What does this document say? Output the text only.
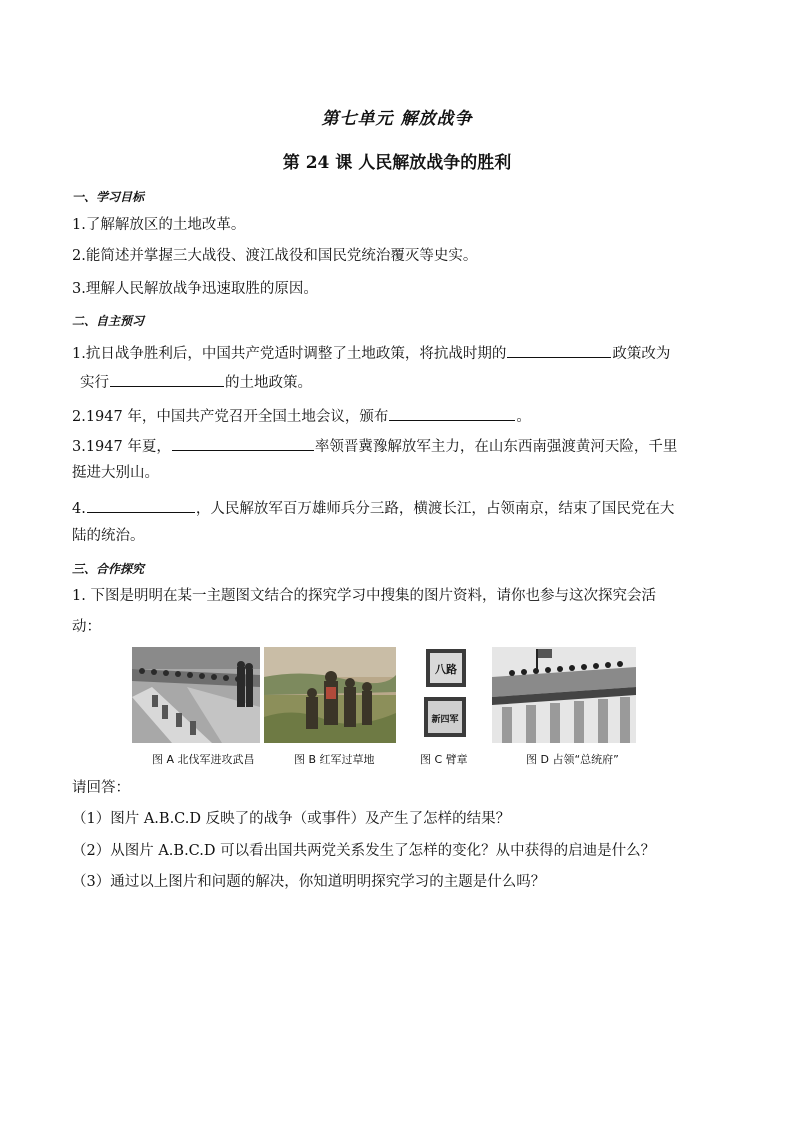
第七单元 解放战争
第 24 课 人民解放战争的胜利
一、学习目标
1.了解解放区的土地改革。
2.能简述并掌握三大战役、渡江战役和国民党统治覆灭等史实。
3.理解人民解放战争迅速取胜的原因。
二、自主预习
1.抗日战争胜利后，中国共产党适时调整了土地政策，将抗战时期的	政策改为
实行	的土地政策。
2.1947 年，中国共产党召开全国土地会议，颁布	。
3.1947 年夏，	率领晋冀豫解放军主力，在山东西南强渡黄河天险，千里
挺进大别山。
4.	，人民解放军百万雄师兵分三路，横渡长江，占领南京，结束了国民党在大
陆的统治。
三、合作探究
1. 下图是明明在某一主题图文结合的探究学习中搜集的图片资料，请你也参与这次探究会活
动：
图 A 北伐军进攻武昌	图 B 红军过草地
八路
新四军
图 C 臂章	图 D 占领“总统府”
请回答：
（1）图片 A.B.C.D 反映了的战争（或事件）及产生了怎样的结果？
（2）从图片 A.B.C.D 可以看出国共两党关系发生了怎样的变化？从中获得的启迪是什么？
（3）通过以上图片和问题的解决，你知道明明探究学习的主题是什么吗？
